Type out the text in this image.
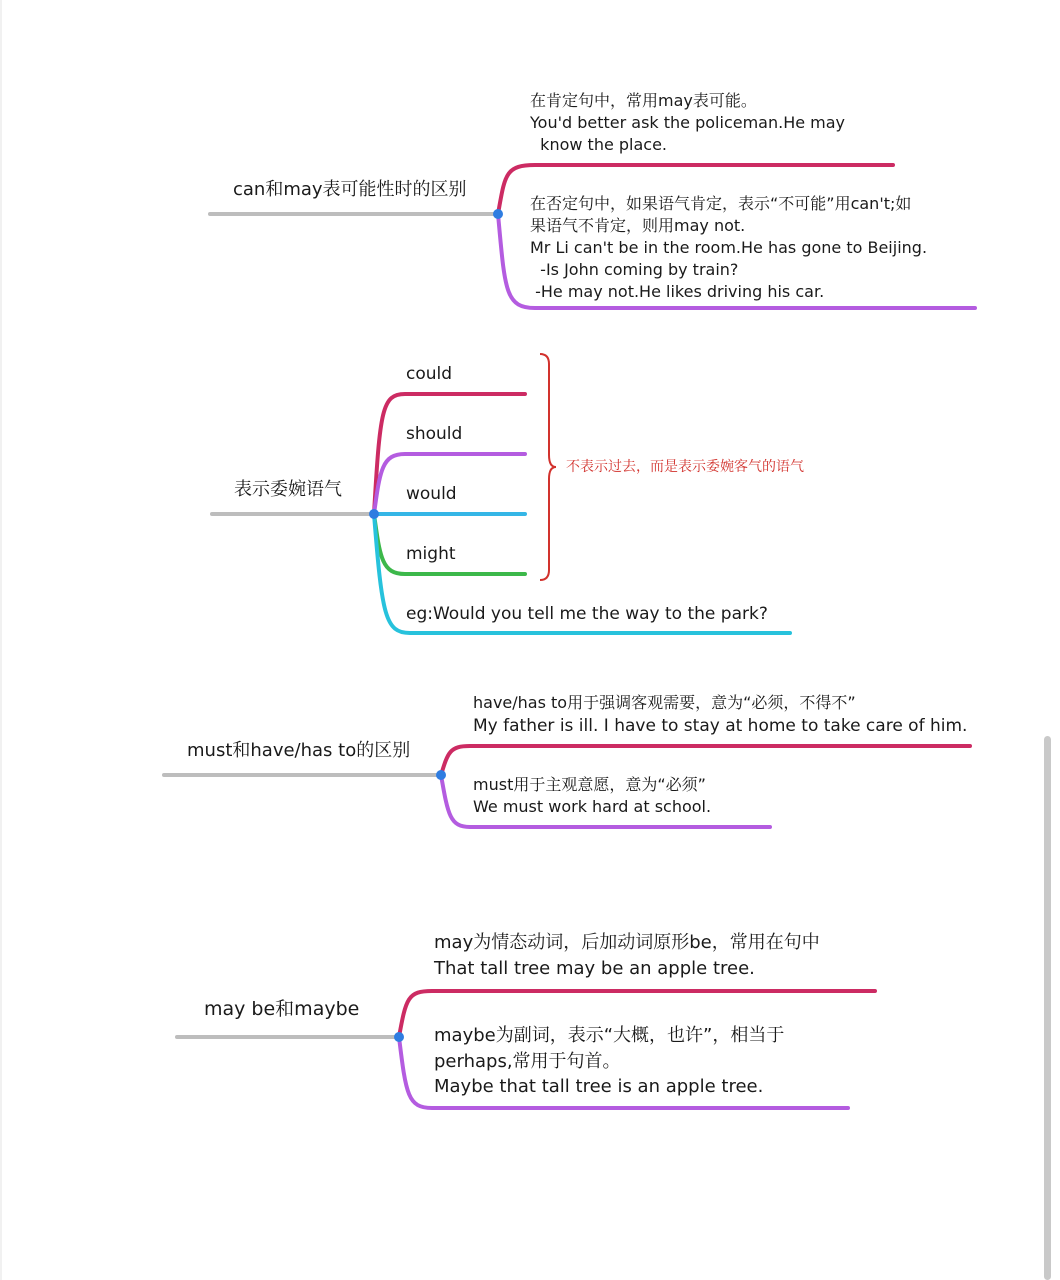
can和may表可能性时的区别
在肯定句中，常用may表可能。
You'd better ask the policeman.He may
know the place.
在否定句中，如果语气肯定，表示“不可能”用can't;如
果语气不肯定，则用may not.
Mr Li can't be in the room.He has gone to Beijing.
-Is John coming by train?
-He may not.He likes driving his car.
表示委婉语气
could
should
would
might
不表示过去，而是表示委婉客气的语气
eg:Would you tell me the way to the park?
must和have/has to的区别
have/has to用于强调客观需要，意为“必须，不得不”
My father is ill. I have to stay at home to take care of him.
must用于主观意愿，意为“必须”
We must work hard at school.
may be和maybe
may为情态动词，后加动词原形be，常用在句中
That tall tree may be an apple tree.
maybe为副词，表示“大概，也许”，相当于
perhaps,常用于句首。
Maybe that tall tree is an apple tree.
